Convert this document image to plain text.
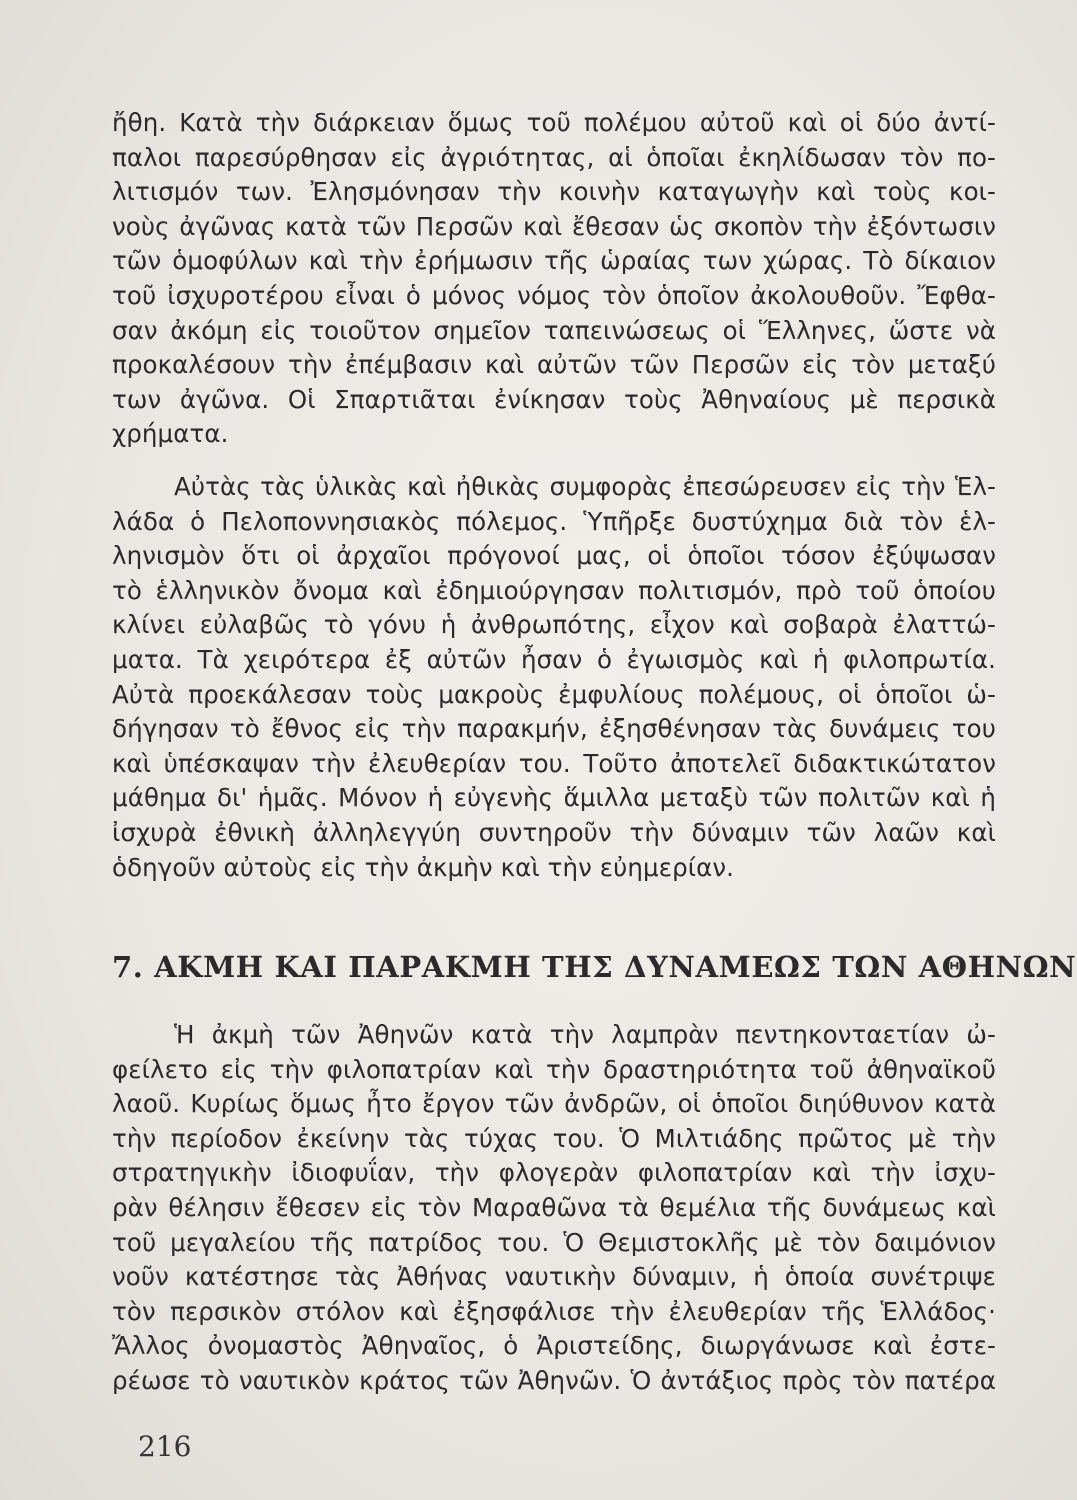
ἤθη. Κατὰ τὴν διάρκειαν ὅμως τοῦ πολέμου αὐτοῦ καὶ οἱ δύο ἀντί-
παλοι παρεσύρθησαν εἰς ἀγριότητας, αἱ ὁποῖαι ἐκηλίδωσαν τὸν πο-
λιτισμόν των. Ἐλησμόνησαν τὴν κοινὴν καταγωγὴν καὶ τοὺς κοι-
νοὺς ἀγῶνας κατὰ τῶν Περσῶν καὶ ἔθεσαν ὡς σκοπὸν τὴν ἐξόντωσιν
τῶν ὁμοφύλων καὶ τὴν ἐρήμωσιν τῆς ὡραίας των χώρας. Τὸ δίκαιον
τοῦ ἰσχυροτέρου εἶναι ὁ μόνος νόμος τὸν ὁποῖον ἀκολουθοῦν. Ἔφθα-
σαν ἀκόμη εἰς τοιοῦτον σημεῖον ταπεινώσεως οἱ Ἕλληνες, ὥστε νὰ
προκαλέσουν τὴν ἐπέμβασιν καὶ αὐτῶν τῶν Περσῶν εἰς τὸν μεταξύ
των ἀγῶνα. Οἱ Σπαρτιᾶται ἐνίκησαν τοὺς Ἀθηναίους μὲ περσικὰ
χρήματα.
Αὐτὰς τὰς ὑλικὰς καὶ ἠθικὰς συμφορὰς ἐπεσώρευσεν εἰς τὴν Ἑλ-
λάδα ὁ Πελοποννησιακὸς πόλεμος. Ὑπῆρξε δυστύχημα διὰ τὸν ἑλ-
ληνισμὸν ὅτι οἱ ἀρχαῖοι πρόγονοί μας, οἱ ὁποῖοι τόσον ἐξύψωσαν
τὸ ἑλληνικὸν ὄνομα καὶ ἐδημιούργησαν πολιτισμόν, πρὸ τοῦ ὁποίου
κλίνει εὐλαβῶς τὸ γόνυ ἡ ἀνθρωπότης, εἶχον καὶ σοβαρὰ ἐλαττώ-
ματα. Τὰ χειρότερα ἐξ αὐτῶν ἦσαν ὁ ἐγωισμὸς καὶ ἡ φιλοπρωτία.
Αὐτὰ προεκάλεσαν τοὺς μακροὺς ἐμφυλίους πολέμους, οἱ ὁποῖοι ὡ-
δήγησαν τὸ ἔθνος εἰς τὴν παρακμήν, ἐξησθένησαν τὰς δυνάμεις του
καὶ ὑπέσκαψαν τὴν ἐλευθερίαν του. Τοῦτο ἀποτελεῖ διδακτικώτατον
μάθημα δι' ἡμᾶς. Μόνον ἡ εὐγενὴς ἅμιλλα μεταξὺ τῶν πολιτῶν καὶ ἡ
ἰσχυρὰ ἐθνικὴ ἀλληλεγγύη συντηροῦν τὴν δύναμιν τῶν λαῶν καὶ
ὁδηγοῦν αὐτοὺς εἰς τὴν ἀκμὴν καὶ τὴν εὐημερίαν.
7. ΑΚΜΗ ΚΑΙ ΠΑΡΑΚΜΗ ΤΗΣ ΔΥΝΑΜΕΩΣ ΤΩΝ ΑΘΗΝΩΝ
Ἡ ἀκμὴ τῶν Ἀθηνῶν κατὰ τὴν λαμπρὰν πεντηκονταετίαν ὠ-
φείλετο εἰς τὴν φιλοπατρίαν καὶ τὴν δραστηριότητα τοῦ ἀθηναϊκοῦ
λαοῦ. Κυρίως ὅμως ἦτο ἔργον τῶν ἀνδρῶν, οἱ ὁποῖοι διηύθυνον κατὰ
τὴν περίοδον ἐκείνην τὰς τύχας του. Ὁ Μιλτιάδης πρῶτος μὲ τὴν
στρατηγικὴν ἰδιοφυΐαν, τὴν φλογερὰν φιλοπατρίαν καὶ τὴν ἰσχυ-
ρὰν θέλησιν ἔθεσεν εἰς τὸν Μαραθῶνα τὰ θεμέλια τῆς δυνάμεως καὶ
τοῦ μεγαλείου τῆς πατρίδος του. Ὁ Θεμιστοκλῆς μὲ τὸν δαιμόνιον
νοῦν κατέστησε τὰς Ἀθήνας ναυτικὴν δύναμιν, ἡ ὁποία συνέτριψε
τὸν περσικὸν στόλον καὶ ἐξησφάλισε τὴν ἐλευθερίαν τῆς Ἑλλάδος·
Ἄλλος ὀνομαστὸς Ἀθηναῖος, ὁ Ἀριστείδης, διωργάνωσε καὶ ἐστε-
ρέωσε τὸ ναυτικὸν κράτος τῶν Ἀθηνῶν. Ὁ ἀντάξιος πρὸς τὸν πατέρα
216
